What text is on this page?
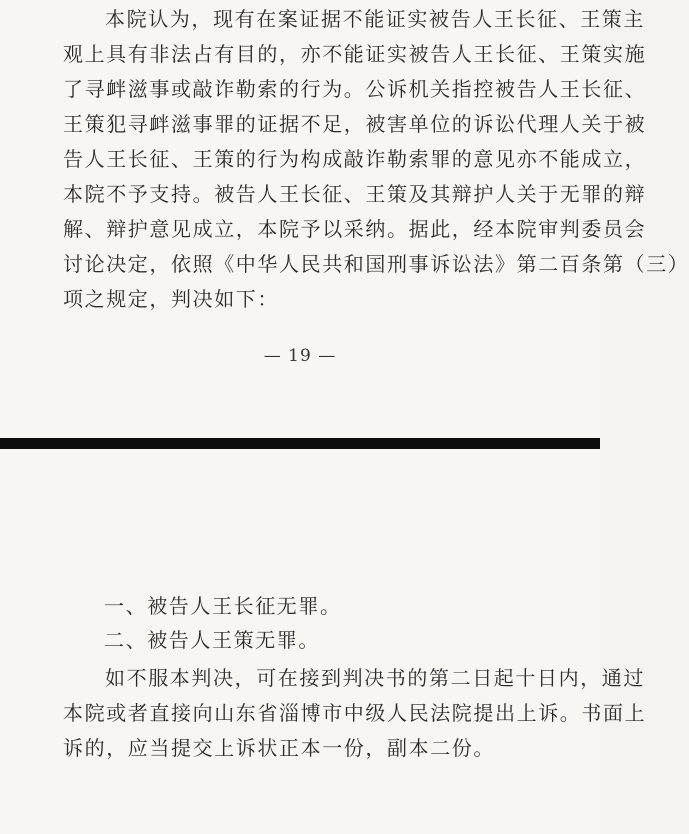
本院认为，现有在案证据不能证实被告人王长征、王策主
观上具有非法占有目的，亦不能证实被告人王长征、王策实施
了寻衅滋事或敲诈勒索的行为。公诉机关指控被告人王长征、
王策犯寻衅滋事罪的证据不足，被害单位的诉讼代理人关于被
告人王长征、王策的行为构成敲诈勒索罪的意见亦不能成立，
本院不予支持。被告人王长征、王策及其辩护人关于无罪的辩
解、辩护意见成立，本院予以采纳。据此，经本院审判委员会
讨论决定，依照《中华人民共和国刑事诉讼法》第二百条第（三）
项之规定，判决如下：
— 19 —
一、被告人王长征无罪。
二、被告人王策无罪。
如不服本判决，可在接到判决书的第二日起十日内，通过
本院或者直接向山东省淄博市中级人民法院提出上诉。书面上
诉的，应当提交上诉状正本一份，副本二份。
